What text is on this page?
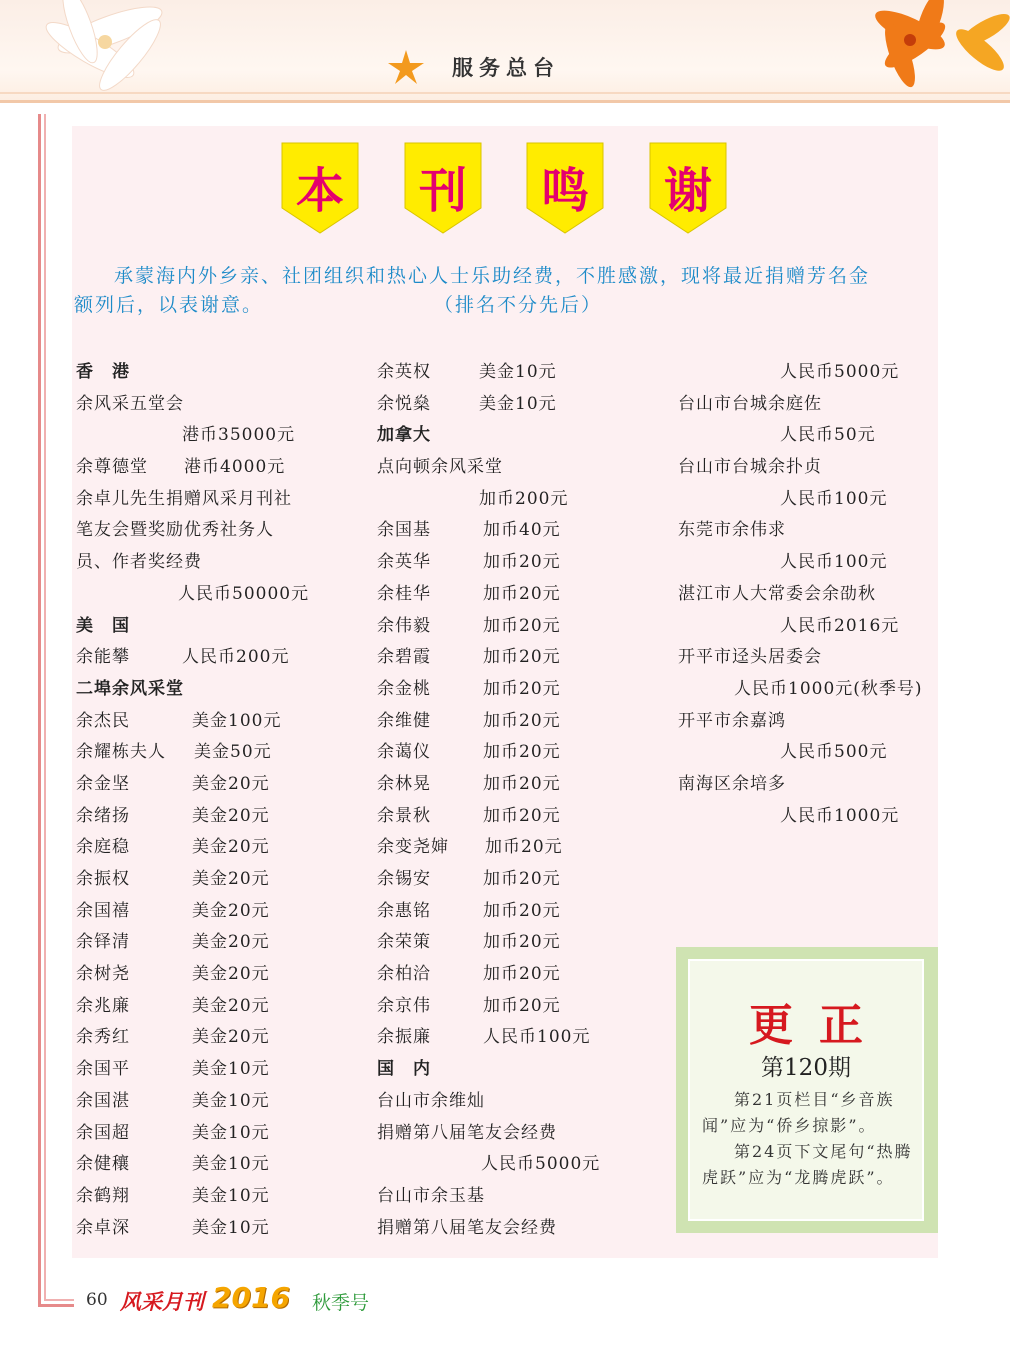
服务总台
本	刊	鸣	谢
承蒙海内外乡亲、社团组织和热心人士乐助经费，不胜感激，现将最近捐赠芳名金
额列后，以表谢意。	（排名不分先后）
香　港
余风采五堂会
港币35000元
余尊德堂 港币4000元
余卓儿先生捐赠风采月刊社
笔友会暨奖励优秀社务人
员、作者奖经费
人民币50000元
美　国
余能攀	人民币200元
二埠余风采堂
余杰民	美金100元
余耀栋夫人 美金50元
余金坚	美金20元
余绪扬	美金20元
余庭稳	美金20元
余振权	美金20元
余国禧	美金20元
余铎清	美金20元
余树尧	美金20元
余兆廉	美金20元
余秀红	美金20元
余国平	美金10元
余国湛	美金10元
余国超	美金10元
余健穰	美金10元
余鹤翔	美金10元
余卓深	美金10元
余英权	美金10元
余悦燊	美金10元
加拿大
点向顿余风采堂
加币200元
余国基	加币40元
余英华	加币20元
余桂华	加币20元
余伟毅	加币20元
余碧霞	加币20元
余金桃	加币20元
余维健	加币20元
余蔼仪	加币20元
余林晃	加币20元
余景秋	加币20元
余变尧婶 加币20元
余锡安	加币20元
余惠铭	加币20元
余荣策	加币20元
余柏洽	加币20元
余京伟	加币20元
余振廉	人民币100元
国　内
台山市余维灿
捐赠第八届笔友会经费
人民币5000元
台山市余玉基
捐赠第八届笔友会经费
人民币5000元
台山市台城余庭佐
人民币50元
台山市台城余扑贞
人民币100元
东莞市余伟求
人民币100元
湛江市人大常委会余劭秋
人民币2016元
开平市迳头居委会
人民币1000元(秋季号)
开平市余嘉鸿
人民币500元
南海区余培多
人民币1000元
更正
第120期

第21页栏目“乡音族闻”应为“侨乡掠影”。

第24页下文尾句“热腾虎跃”应为“龙腾虎跃”。

60 风采月刊 2016 秋季号
